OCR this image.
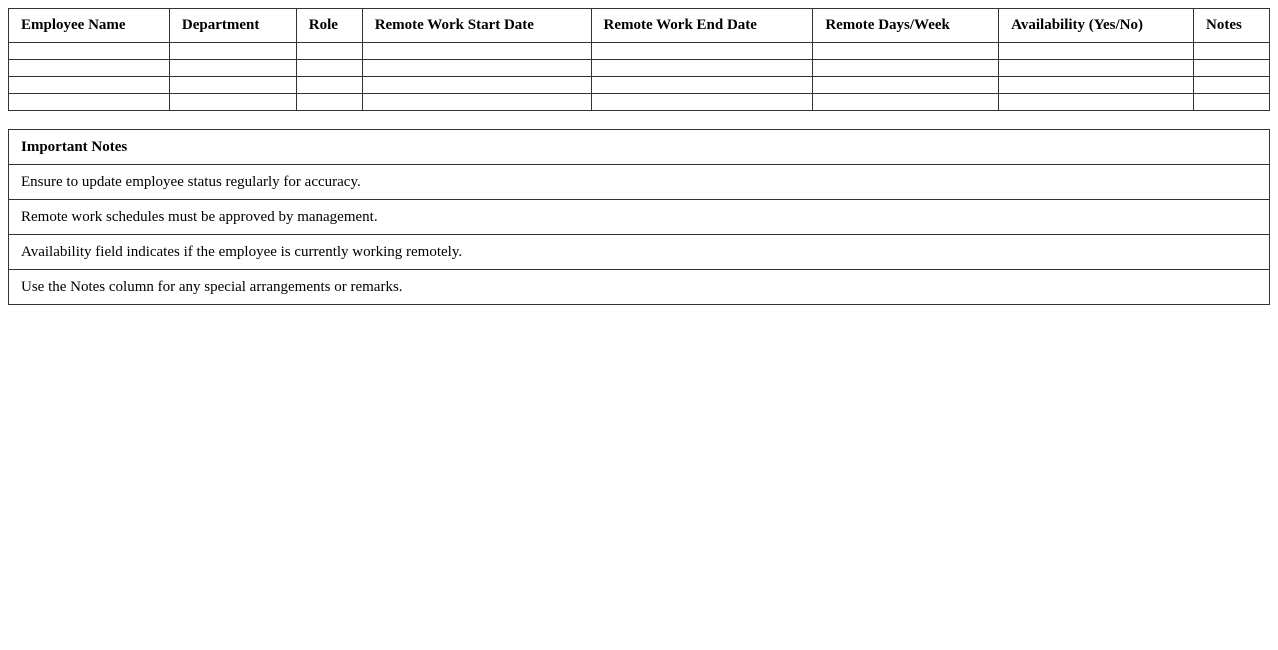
Employee Name	Department	Role	Remote Work Start Date	Remote Work End Date	Remote Days/Week	Availability (Yes/No)	Notes

Important Notes
Ensure to update employee status regularly for accuracy.
Remote work schedules must be approved by management.
Availability field indicates if the employee is currently working remotely.
Use the Notes column for any special arrangements or remarks.
